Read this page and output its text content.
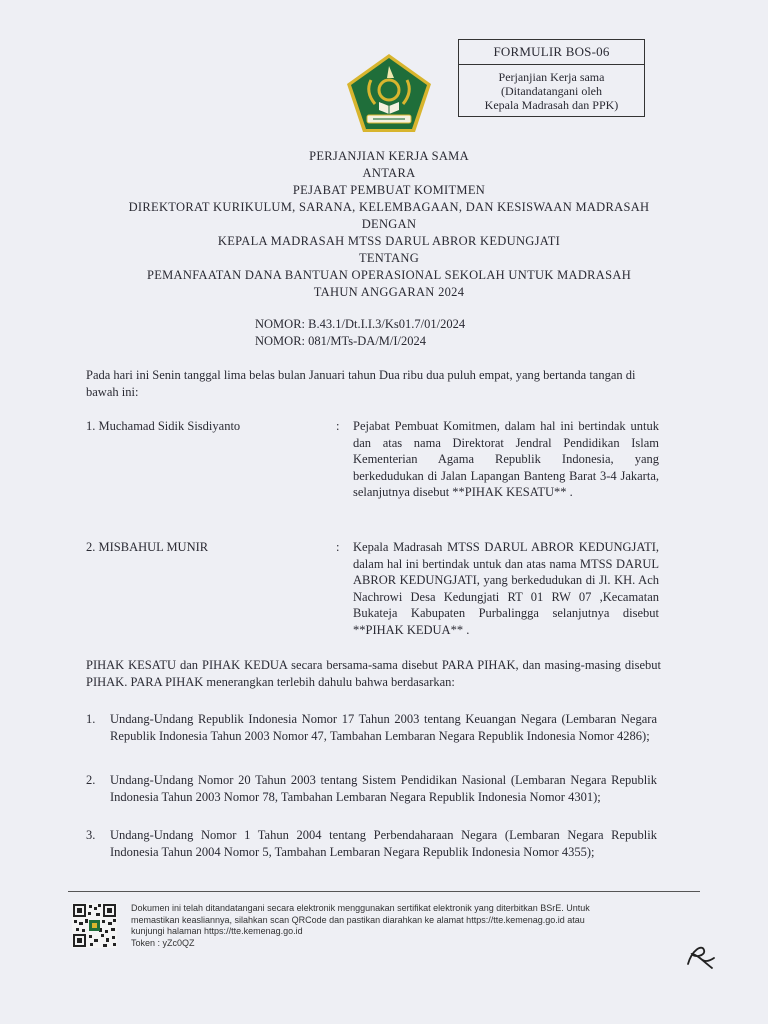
FORMULIR BOS-06
Perjanjian Kerja sama
(Ditandatangani oleh
Kepala Madrasah dan PPK)
PERJANJIAN KERJA SAMA
ANTARA
PEJABAT PEMBUAT KOMITMEN
DIREKTORAT KURIKULUM, SARANA, KELEMBAGAAN, DAN KESISWAAN MADRASAH
DENGAN
KEPALA MADRASAH MTSS DARUL ABROR KEDUNGJATI
TENTANG
PEMANFAATAN DANA BANTUAN OPERASIONAL SEKOLAH UNTUK MADRASAH
TAHUN ANGGARAN 2024
NOMOR: B.43.1/Dt.I.I.3/Ks01.7/01/2024
NOMOR: 081/MTs-DA/M/I/2024
Pada hari ini Senin tanggal lima belas bulan Januari tahun Dua ribu dua puluh empat, yang bertanda tangan di bawah ini:
1. Muchamad Sidik Sisdiyanto	: Pejabat Pembuat Komitmen, dalam hal ini bertindak untuk dan atas nama Direktorat Jendral Pendidikan Islam Kementerian Agama Republik Indonesia, yang berkedudukan di Jalan Lapangan Banteng Barat 3-4 Jakarta, selanjutnya disebut **PIHAK KESATU** .
2. MISBAHUL MUNIR	: Kepala Madrasah MTSS DARUL ABROR KEDUNGJATI, dalam hal ini bertindak untuk dan atas nama MTSS DARUL ABROR KEDUNGJATI, yang berkedudukan di Jl. KH. Ach Nachrowi Desa Kedungjati RT 01 RW 07 ,Kecamatan Bukateja Kabupaten Purbalingga selanjutnya disebut **PIHAK KEDUA** .
PIHAK KESATU dan PIHAK KEDUA secara bersama-sama disebut PARA PIHAK, dan masing-masing disebut PIHAK. PARA PIHAK menerangkan terlebih dahulu bahwa berdasarkan:
1. Undang-Undang Republik Indonesia Nomor 17 Tahun 2003 tentang Keuangan Negara (Lembaran Negara Republik Indonesia Tahun 2003 Nomor 47, Tambahan Lembaran Negara Republik Indonesia Nomor 4286);
2. Undang-Undang Nomor 20 Tahun 2003 tentang Sistem Pendidikan Nasional (Lembaran Negara Republik Indonesia Tahun 2003 Nomor 78, Tambahan Lembaran Negara Republik Indonesia Nomor 4301);
3. Undang-Undang Nomor 1 Tahun 2004 tentang Perbendaharaan Negara (Lembaran Negara Republik Indonesia Tahun 2004 Nomor 5, Tambahan Lembaran Negara Republik Indonesia Nomor 4355);
Dokumen ini telah ditandatangani secara elektronik menggunakan sertifikat elektronik yang diterbitkan BSrE. Untuk
memastikan keasliannya, silahkan scan QRCode dan pastikan diarahkan ke alamat https://tte.kemenag.go.id atau
kunjungi halaman https://tte.kemenag.go.id
Token : yZc0QZ
